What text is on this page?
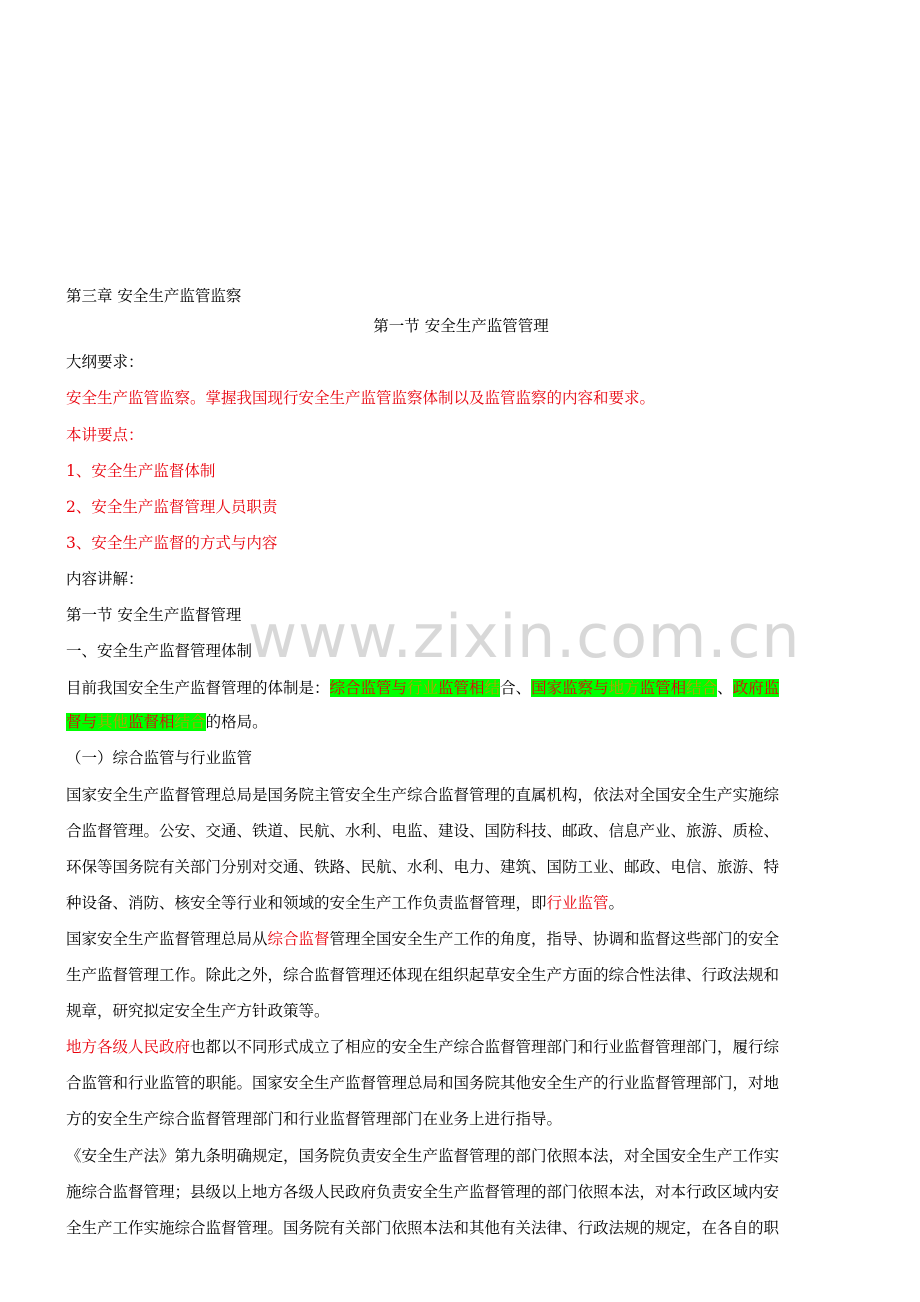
www.zixin.com.cn
第三章 安全生产监管监察
第一节 安全生产监管管理
大纲要求：
安全生产监管监察。掌握我国现行安全生产监管监察体制以及监管监察的内容和要求。
本讲要点：
1、安全生产监督体制
2、安全生产监督管理人员职责
3、安全生产监督的方式与内容
内容讲解：
第一节 安全生产监督管理
一、安全生产监督管理体制
目前我国安全生产监督管理的体制是：综合监管与行业监管相结合、国家监察与地方监管相结合、政府监
督与其他监督相结合的格局。
（一）综合监管与行业监管
国家安全生产监督管理总局是国务院主管安全生产综合监督管理的直属机构，依法对全国安全生产实施综
合监督管理。公安、交通、铁道、民航、水利、电监、建设、国防科技、邮政、信息产业、旅游、质检、
环保等国务院有关部门分别对交通、铁路、民航、水利、电力、建筑、国防工业、邮政、电信、旅游、特
种设备、消防、核安全等行业和领域的安全生产工作负责监督管理，即行业监管。
国家安全生产监督管理总局从综合监督管理全国安全生产工作的角度，指导、协调和监督这些部门的安全
生产监督管理工作。除此之外，综合监督管理还体现在组织起草安全生产方面的综合性法律、行政法规和
规章，研究拟定安全生产方针政策等。
地方各级人民政府也都以不同形式成立了相应的安全生产综合监督管理部门和行业监督管理部门，履行综
合监管和行业监管的职能。国家安全生产监督管理总局和国务院其他安全生产的行业监督管理部门，对地
方的安全生产综合监督管理部门和行业监督管理部门在业务上进行指导。
《安全生产法》第九条明确规定，国务院负责安全生产监督管理的部门依照本法，对全国安全生产工作实
施综合监督管理；县级以上地方各级人民政府负责安全生产监督管理的部门依照本法，对本行政区域内安
全生产工作实施综合监督管理。国务院有关部门依照本法和其他有关法律、行政法规的规定，在各自的职
